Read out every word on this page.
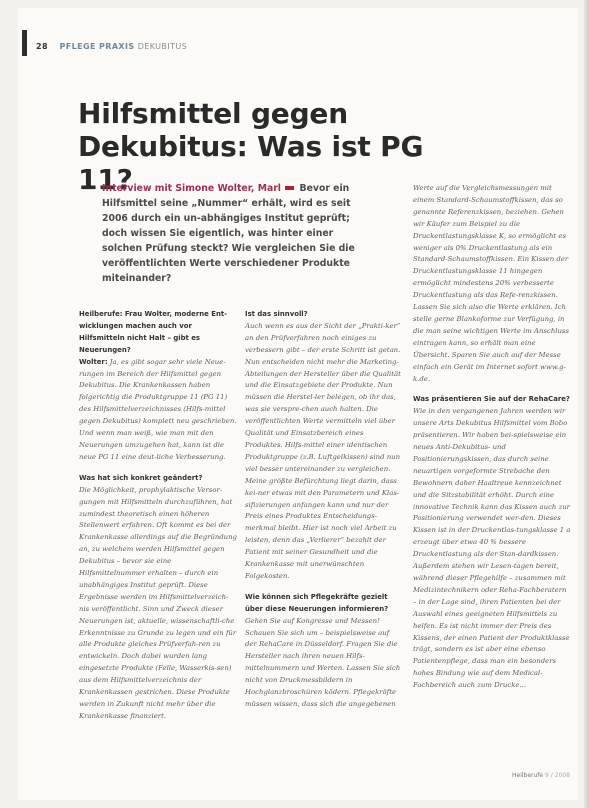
28 PFLEGE PRAXIS DEKUBITUS
Hilfsmittel gegen
Dekubitus: Was ist PG 11?
Interview mit Simone Wolter, Marl Bevor ein Hilfsmittel seine „Nummer“ erhält, wird es seit 2006 durch ein un-abhängiges Institut geprüft; doch wissen Sie eigentlich, was hinter einer solchen Prüfung steckt? Wie vergleichen Sie die veröffentlichten Werte verschiedener Produkte miteinander?
Heilberufe: Frau Wolter, moderne Ent-wicklungen machen auch vor Hilfsmitteln nicht Halt – gibt es Neuerungen?

Wolter: Ja, es gibt sogar sehr viele Neue-rungen im Bereich der Hilfsmittel gegen Dekubitus. Die Krankenkassen haben folgerichtig die Produktgruppe 11 (PG 11) des Hilfsmittelverzeichnisses (Hilfs-mittel gegen Dekubitus) komplett neu geschrieben. Und wenn man weiß, wie man mit den Neuerungen umzugehen hat, kann ist die neue PG 11 eine deut-liche Verbesserung.

Was hat sich konkret geändert?

Die Möglichkeit, prophylaktische Versor-gungen mit Hilfsmitteln durchzuführen, hat zumindest theoretisch einen höheren Stellenwert erfahren. Oft kommt es bei der Krankenkasse allerdings auf die Begründung an, zu welchem werden Hilfsmittel gegen Dekubitus – bevor sie eine Hilfsmittelnummer erhalten – durch ein unabhängiges Institut geprüft. Diese Ergebnisse werden im Hilfsmittelverzeich-nis veröffentlicht. Sinn und Zweck dieser Neuerungen ist, aktuelle, wissenschaftli-che Erkenntnisse zu Grunde zu legen und ein für alle Produkte gleiches Prüfverfah-ren zu entwickeln. Doch dabei wurden lang eingesetzte Produkte (Felle, Wasserkis-sen) aus dem Hilfsmittelverzeichnis der Krankenkassen gestrichen. Diese Produkte werden in Zukunft nicht mehr über die Krankenkasse finanziert.

Ist das sinnvoll?

Auch wenn es aus der Sicht der „Prakti-ker“ an den Prüfverfahren noch einiges zu verbessern gibt – der erste Schritt ist getan. Nun entscheiden nicht mehr die Marketing-Abteilungen der Hersteller über die Qualität und die Einsatzgebiete der Produkte. Nun müssen die Herstel-ler belegen, ob ihr das, was sie verspre-chen auch halten. Die veröffentlichten Werte vermitteln viel über Qualität und Einsatzbereich eines Produktes. Hilfs-mittel einer identischen Produktgruppe (z.B. Luftgelkissen) sind nun viel besser untereinander zu vergleichen. Meine größte Befürchtung liegt darin, dass kei-ner etwas mit den Parametern und Klas-sifizierungen anfangen kann und nur der Preis eines Produktes Entscheidungs-merkmal bleibt. Hier ist noch viel Arbeit zu leisten, denn das „Verlierer“ bezahlt der Patient mit seiner Gesundheit und die Krankenkasse mit unerwünschten Folgekosten.

Wie können sich Pflegekräfte gezielt über diese Neuerungen informieren?

Gehen Sie auf Kongresse und Messen! Schauen Sie sich um – beispielsweise auf der RehaCare in Düsseldorf. Fragen Sie die Hersteller nach ihren neuen Hilfs-mittelnummern und Werten. Lassen Sie sich nicht von Druckmessbildern in Hochglanzbroschüren ködern. Pflegekräfte müssen wissen, dass sich die angegebenen

Werte auf die Vergleichsmessungen mit einem Standard-Schaumstoffkissen, das so genannte Referenzkissen, beziehen. Gehen wir Käufer zum Beispiel zu die Druckentlastungsklasse K, so ermöglicht es weniger als 0% Druckentlastung als ein Standard-Schaumstoffkissen. Ein Kissen der Druckentlastungsklasse 11 hingegen ermöglicht mindestens 20% verbesserte Druckentlastung als das Refe-renzkissen. Lassen Sie sich also die Werte erklären. Ich stelle gerne Blankoforme zur Verfügung, in die man seine wichtigen Werte im Anschluss eintragen kann, so erhält man eine Übersicht. Sparen Sie auch auf der Messe einfach ein Gerät im Internet sofort www.g-k.de.

Was präsentieren Sie auf der RehaCare?

Wie in den vergangenen Jahren werden wir unsere Arts Dekubitus Hilfsmittel vom Bobo präsentieren. Wir haben bei-spielsweise ein neues Anti-Dekubitus- und Positionierungskissen, das durch seine neuartigen vorgeformte Strebache den Bewohnern daher Haaltreue kennzeichnet und die Sitzstabilität erhöht. Durch eine innovative Technik kann das Kissen auch zur Positionierung verwendet wer-den. Dieses Kissen ist in der Druckentlas-tungsklasse 1 a erzeugt über etwa 40 % bessere Druckentlastung als der Stan-dardkissen. Außerdem stehen wir Lesen-tagen bereit, während dieser Pflegehilfe – zusammen mit Medizintechnikern oder Reha-Fachberatern – in der Lage sind, ihren Patienten bei der Auswahl eines geeigneten Hilfsmittels zu helfen. Es ist nicht immer der Preis des Kissens, der einen Patient der Produktklasse trägt, sondern es ist aber eine ebenso Patientenpflege, dass man ein besonders hohes Bindung wie auf dem Medical-Fachbereich auch zum Drucke...

Heilberufe 9 / 2008
